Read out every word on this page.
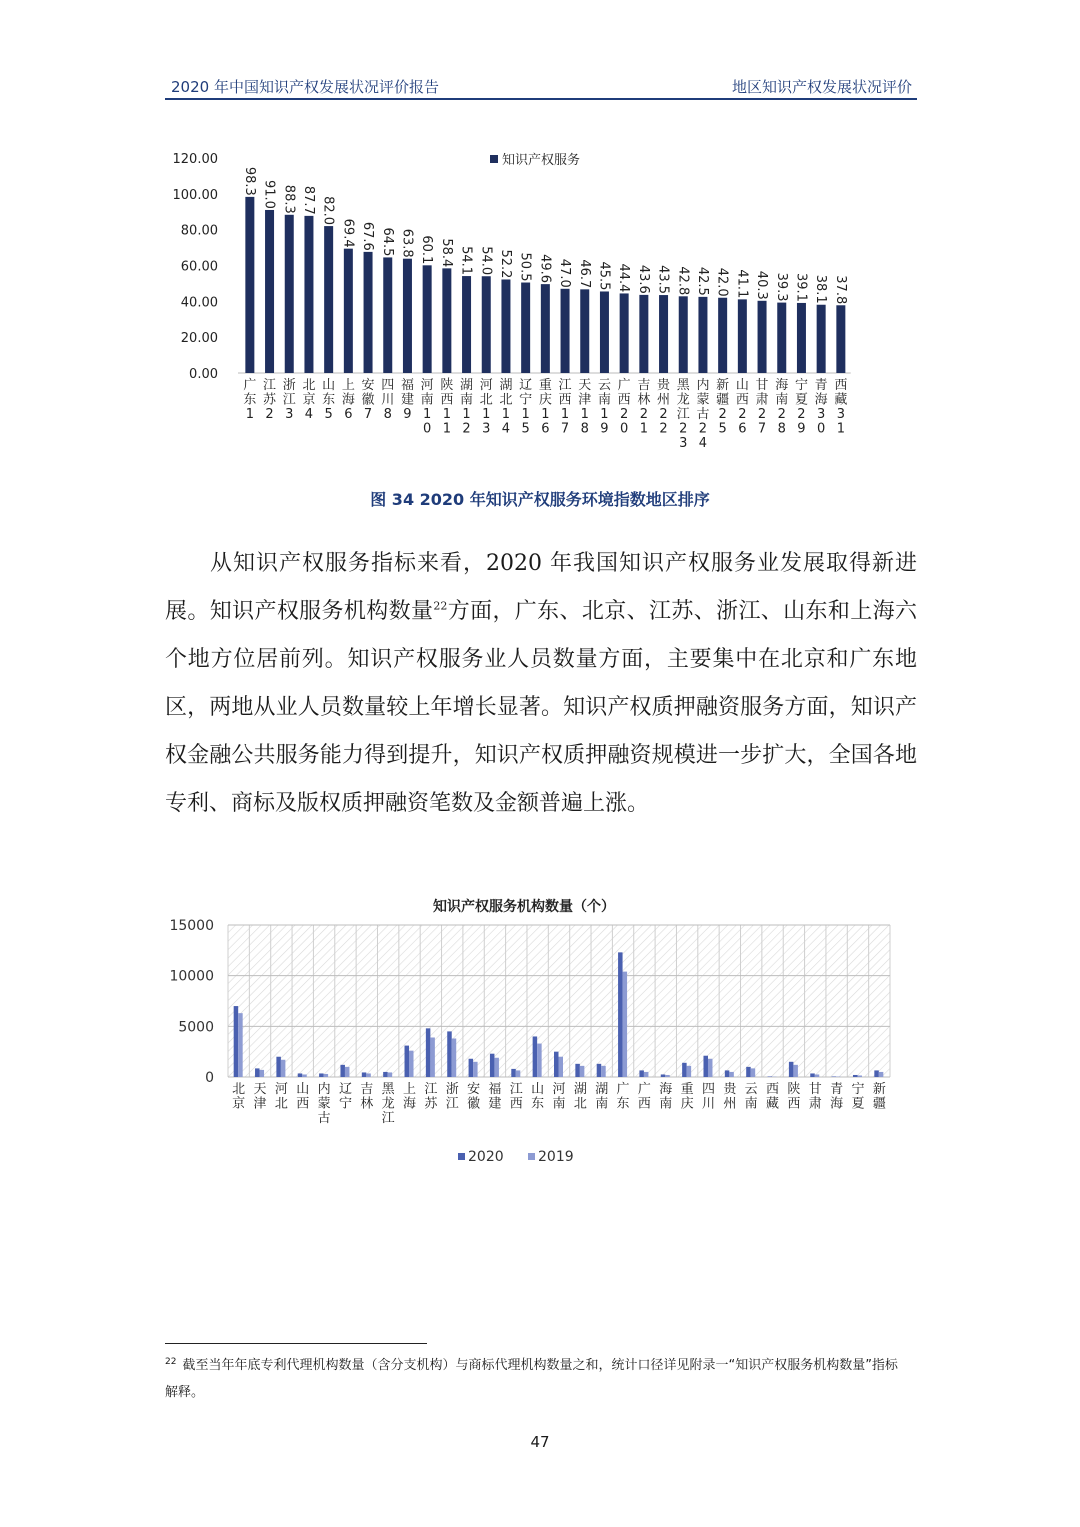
2020 年中国知识产权发展状况评价报告	地区知识产权发展状况评价
0.00
20.00
40.00
60.00
80.00
100.00
120.00	知识产权服务
98.3
广东 1
91.0
江苏 2
88.3
浙江 3
87.7
北京 4
82.0
山东 5
69.4
上海 6
67.6
安徽 7
64.5
四川 8
63.8
福建 9
60.1
河南 1 0
58.4
陕西 1 1
54.1
湖南 1 2
54.0
河北 1 3
52.2
湖北 1 4
50.5
辽宁 1 5
49.6
重庆 1 6
47.0
江西 1 7
46.7
天津 1 8
45.5
云南 1 9
44.4
广西 2 0
43.6
吉林 2 1
43.5
贵州 2 2
42.8
黑龙江 2 3
42.5
内蒙古 2 4
42.0
新疆 2 5
41.1
山西 2 6
40.3
甘肃 2 7
39.3
海南 2 8
39.1
宁夏 2 9
38.1
青海 3 0
37.8
西藏 3 1
图 34 2020 年知识产权服务环境指数地区排序

从知识产权服务指标来看，2020 年我国知识产权服务业发展取得新进展。知识产权服务机构数量$^{22}$方面，广东、北京、江苏、浙江、山东和上海六个地方位居前列。知识产权服务业人员数量方面，主要集中在北京和广东地区，两地从业人员数量较上年增长显著。知识产权质押融资服务方面，知识产权金融公共服务能力得到提升，知识产权质押融资规模进一步扩大，全国各地专利、商标及版权质押融资笔数及金额普遍上涨。

知识产权服务机构数量（个）
0
5000
10000
15000
北京
天津
河北
山西
内蒙古
辽宁
吉林
黑龙江
上海
江苏
浙江
安徽
福建
江西
山东
河南
湖北
湖南
广东
广西
海南
重庆
四川
贵州
云南
西藏
陕西
甘肃
青海
宁夏
新疆
2020 2019

$^{22}$ 截至当年年底专利代理机构数量（含分支机构）与商标代理机构数量之和，统计口径详见附录一“知识产权服务机构数量”指标解释。

47
